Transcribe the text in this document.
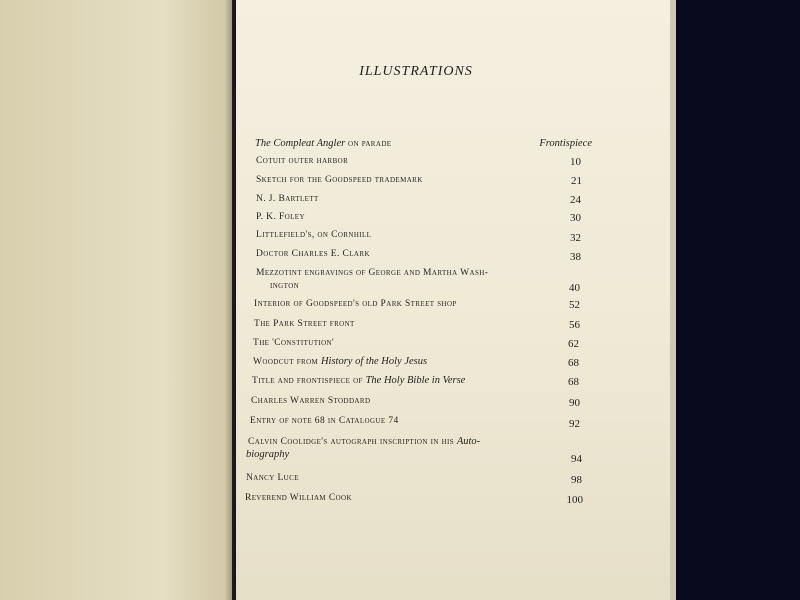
ILLUSTRATIONS
The Compleat Angler on parade	Frontispiece
Cotuit outer harbor	10
Sketch for the Goodspeed trademark	21
N. J. Bartlett	24
P. K. Foley	30
Littlefield's, on Cornhill	32
Doctor Charles E. Clark	38
Mezzotint engravings of George and Martha Wash-
ington	40
Interior of Goodspeed's old Park Street shop	52
The Park Street front	56
The 'Constitution'	62
Woodcut from History of the Holy Jesus	68
Title and frontispiece of The Holy Bible in Verse	68
Charles Warren Stoddard	90
Entry of note 68 in Catalogue 74	92
Calvin Coolidge's autograph inscription in his Auto-
biography	94
Nancy Luce	98
Reverend William Cook	100
